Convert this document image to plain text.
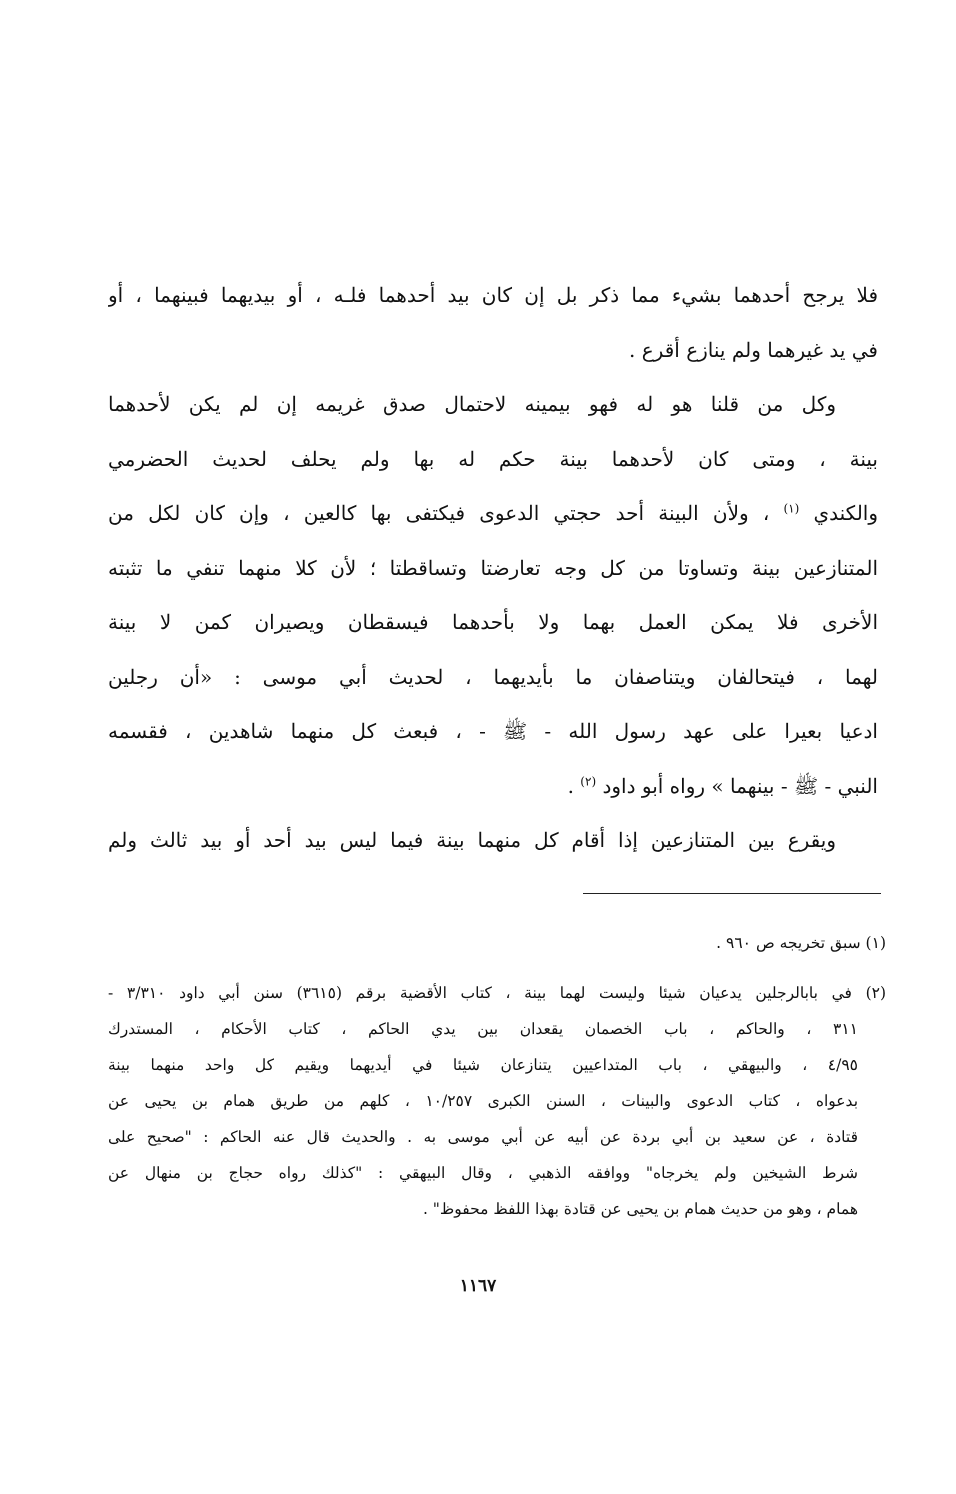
فلا يرجح أحدهما بشيء مما ذكر بل إن كان بيد أحدهما فلـه ، أو بيديهما فبينهما ، أو
في يد غيرهما ولم ينازع أقرع .
وكل من قلنا هو له فهو بيمينه لاحتمال صدق غريمه إن لم يكن لأحدهما
بينة ، ومتى كان لأحدهما بينة حكم له بها ولم يحلف لحديث الحضرمي
والكندي $^{(١)}$ ، ولأن البينة أحد حجتي الدعوى فيكتفى بها كالعين ، وإن كان لكل من
المتنازعين بينة وتساوتا من كل وجه تعارضتا وتساقطتا ؛ لأن كلا منهما تنفي ما تثبته
الأخرى فلا يمكن العمل بهما ولا بأحدهما فيسقطان ويصيران كمن لا بينة
لهما ، فيتحالفان ويتناصفان ما بأيديهما ، لحديث أبي موسى : «أن رجلين
ادعيا بعيرا على عهد رسول الله - ﷺ - ، فبعث كل منهما شاهدين ، فقسمه
النبي - ﷺ - بينهما » رواه أبو داود $^{(٢)}$ .
ويقرع بين المتنازعين إذا أقام كل منهما بينة فيما ليس بيد أحد أو بيد ثالث ولم
(١) سبق تخريجه ص ٩٦٠ .
(٢) في بابالرجلين يدعيان شيئا وليست لهما بينة ، كتاب الأقضية برقم (٣٦١٥) سنن أبي داود ٣/٣١٠ -
٣١١ ، والحاكم ، باب الخصمان يقعدان بين يدي الحاكم ، كتاب الأحكام ، المستدرك
٤/٩٥ ، والبيهقي ، باب المتداعيين يتنازعان شيئا في أيديهما ويقيم كل واحد منهما بينة
بدعواه ، كتاب الدعوى والبينات ، السنن الكبرى ١٠/٢٥٧ ، كلهم من طريق همام بن يحيى عن
قتادة ، عن سعيد بن أبي بردة عن أبيه عن أبي موسى به . والحديث قال عنه الحاكم : "صحيح على
شرط الشيخين ولم يخرجاه" ووافقه الذهبي ، وقال البيهقي : "كذلك رواه حجاج بن منهال عن
همام ، وهو من حديث همام بن يحيى عن قتادة بهذا اللفظ محفوظ" .
١١٦٧
